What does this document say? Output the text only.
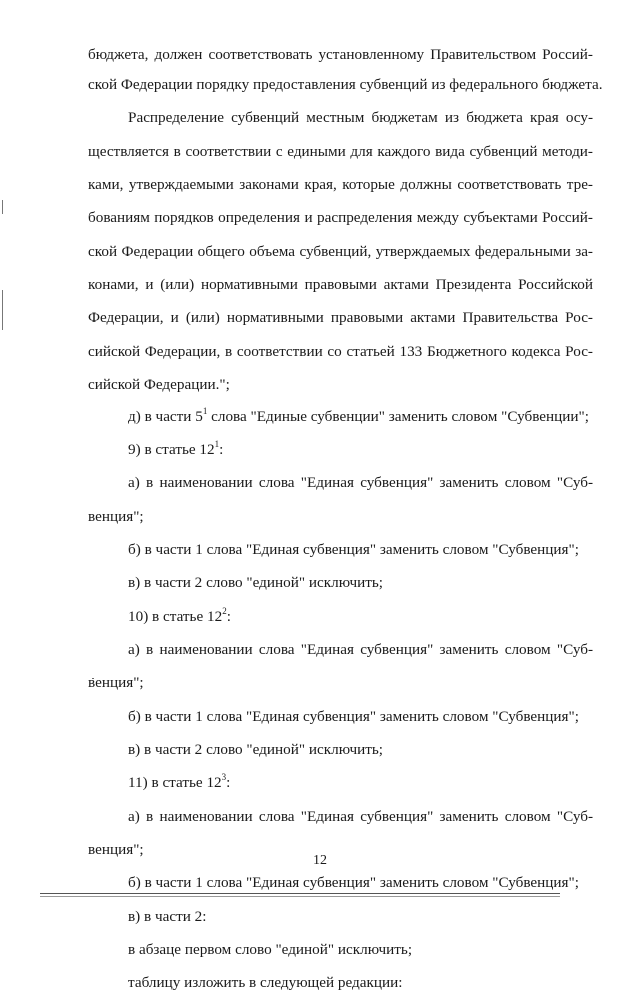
бюджета, должен соответствовать установленному Правительством Россий-
ской Федерации порядку предоставления субвенций из федерального бюджета.
Распределение субвенций местным бюджетам из бюджета края осу-
ществляется в соответствии с едиными для каждого вида субвенций методи-
ками, утверждаемыми законами края, которые должны соответствовать тре-
бованиям порядков определения и распределения между субъектами Россий-
ской Федерации общего объема субвенций, утверждаемых федеральными за-
конами, и (или) нормативными правовыми актами Президента Российской
Федерации, и (или) нормативными правовыми актами Правительства Рос-
сийской Федерации, в соответствии со статьей 133 Бюджетного кодекса Рос-
сийской Федерации.";
д) в части $5^1$ слова "Единые субвенции" заменить словом "Субвенции";
9) в статье $12^1$:
а) в наименовании слова "Единая субвенция" заменить словом "Суб-
венция";
б) в части 1 слова "Единая субвенция" заменить словом "Субвенция";
в) в части 2 слово "единой" исключить;
10) в статье $12^2$:
а) в наименовании слова "Единая субвенция" заменить словом "Суб-
венция";
б) в части 1 слова "Единая субвенция" заменить словом "Субвенция";
в) в части 2 слово "единой" исключить;
11) в статье $12^3$:
а) в наименовании слова "Единая субвенция" заменить словом "Суб-
венция";
б) в части 1 слова "Единая субвенция" заменить словом "Субвенция";
в) в части 2:
в абзаце первом слово "единой" исключить;
таблицу изложить в следующей редакции:
12
